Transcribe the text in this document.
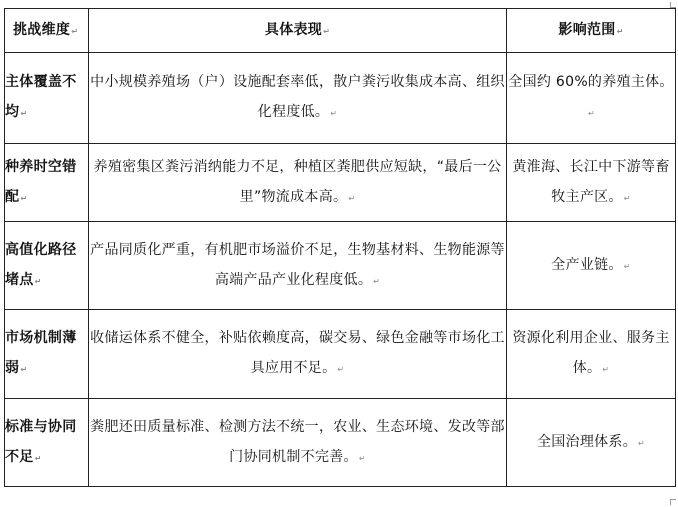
挑战维度↵	具体表现↵	影响范围↵
主体覆盖不均↵	中小规模养殖场（户）设施配套率低，散户粪污收集成本高、组织化程度低。↵	全国约 60%的养殖主体。↵
种养时空错配↵	养殖密集区粪污消纳能力不足，种植区粪肥供应短缺，“最后一公里”物流成本高。↵	黄淮海、长江中下游等畜牧主产区。↵
高值化路径堵点↵	产品同质化严重，有机肥市场溢价不足，生物基材料、生物能源等高端产品产业化程度低。↵	全产业链。↵
市场机制薄弱↵	收储运体系不健全，补贴依赖度高，碳交易、绿色金融等市场化工具应用不足。↵	资源化利用企业、服务主体。↵
标准与协同不足↵	粪肥还田质量标准、检测方法不统一，农业、生态环境、发改等部门协同机制不完善。↵	全国治理体系。↵
